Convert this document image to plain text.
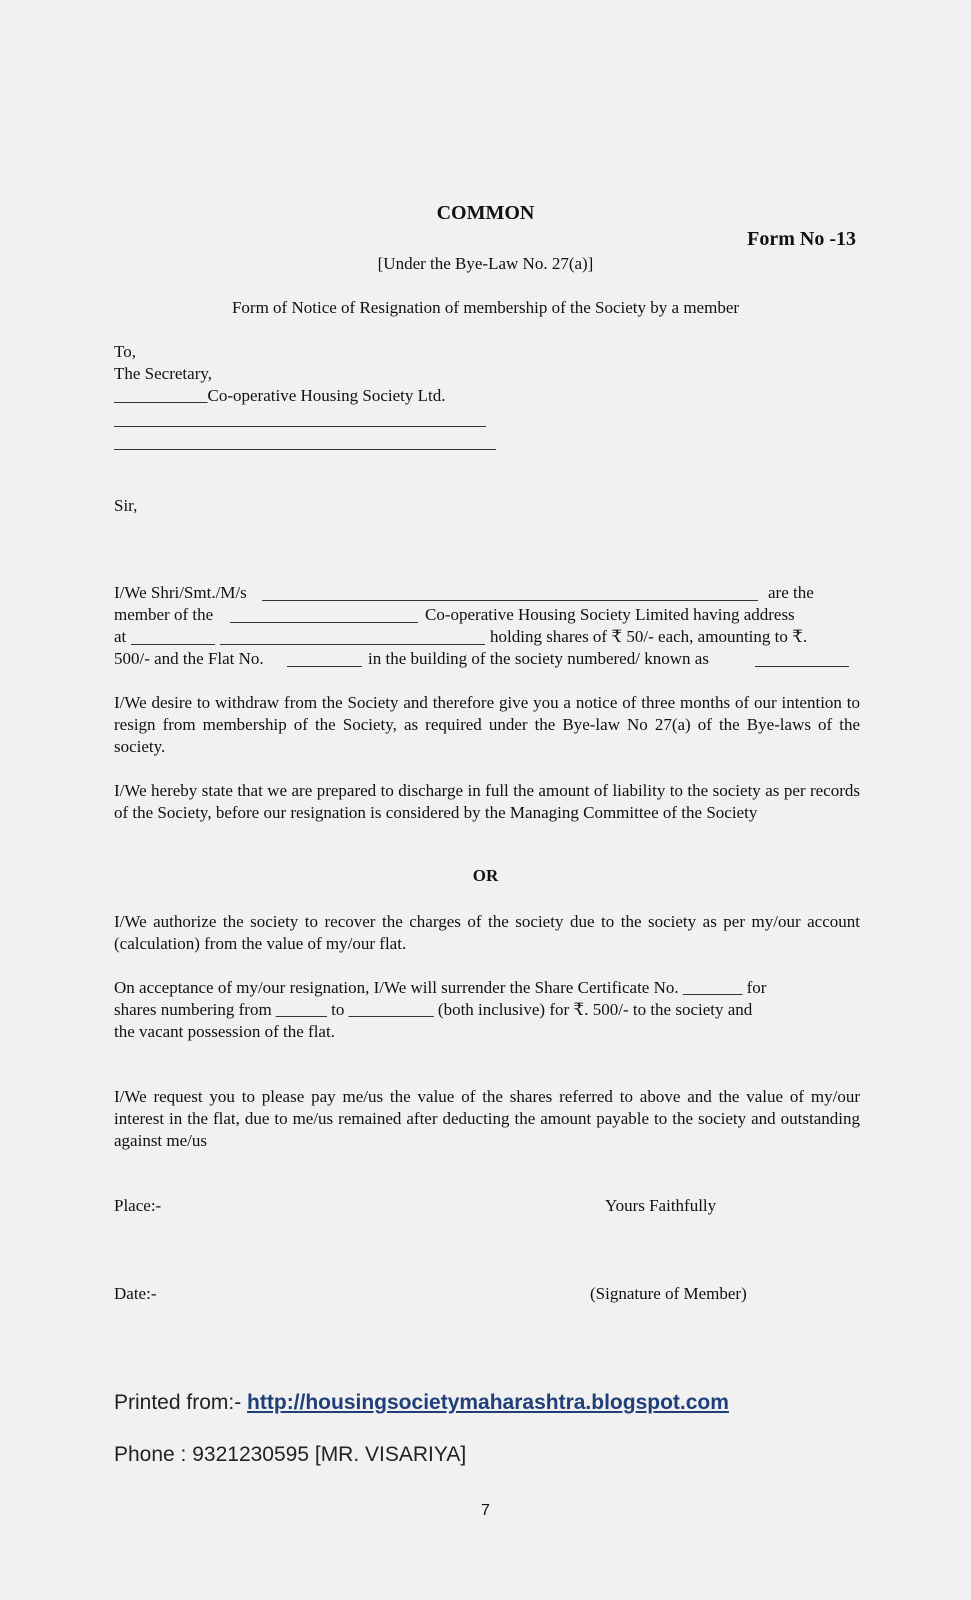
COMMON
Form No -13
[Under the Bye-Law No. 27(a)]
Form of Notice of Resignation of membership of the Society by a member
To,
The Secretary,
___________Co-operative Housing Society Ltd.
Sir,
I/We Shri/Smt./M/s	are the
member of the	Co-operative Housing Society Limited having address
at	holding shares of ₹ 50/- each, amounting to ₹.
500/- and the Flat No.	in the building of the society numbered/ known as
I/We desire to withdraw from the Society and therefore give you a notice of three months of our intention to resign from membership of the Society, as required under the Bye-law No 27(a) of the Bye-laws of the society.
I/We hereby state that we are prepared to discharge in full the amount of liability to the society as per records of the Society, before our resignation is considered by the Managing Committee of the Society
OR
I/We authorize the society to recover the charges of the society due to the society as per my/our account (calculation) from the value of my/our flat.
On acceptance of my/our resignation, I/We will surrender the Share Certificate No. _______ for
shares numbering from ______ to __________ (both inclusive) for ₹. 500/- to the society and
the vacant possession of the flat.
I/We request you to please pay me/us the value of the shares referred to above and the value of my/our interest in the flat, due to me/us remained after deducting the amount payable to the society and outstanding against me/us
Place:-	Yours Faithfully
Date:-	(Signature of Member)
Printed from:- http://housingsocietymaharashtra.blogspot.com
Phone : 9321230595 [MR. VISARIYA]
7
